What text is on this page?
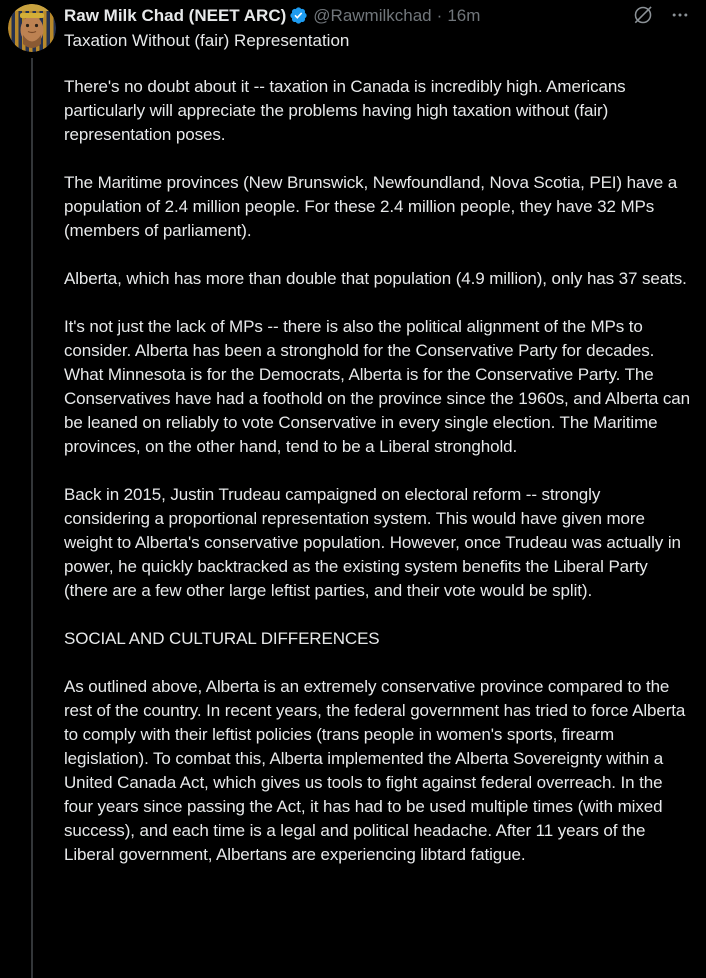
Raw Milk Chad (NEET ARC) @Rawmilkchad · 16m
Taxation Without (fair) Representation

There's no doubt about it -- taxation in Canada is incredibly high. Americans particularly will appreciate the problems having high taxation without (fair) representation poses.

The Maritime provinces (New Brunswick, Newfoundland, Nova Scotia, PEI) have a population of 2.4 million people. For these 2.4 million people, they have 32 MPs (members of parliament).

Alberta, which has more than double that population (4.9 million), only has 37 seats.

It's not just the lack of MPs -- there is also the political alignment of the MPs to consider. Alberta has been a stronghold for the Conservative Party for decades. What Minnesota is for the Democrats, Alberta is for the Conservative Party. The Conservatives have had a foothold on the province since the 1960s, and Alberta can be leaned on reliably to vote Conservative in every single election. The Maritime provinces, on the other hand, tend to be a Liberal stronghold.

Back in 2015, Justin Trudeau campaigned on electoral reform -- strongly considering a proportional representation system. This would have given more weight to Alberta's conservative population. However, once Trudeau was actually in power, he quickly backtracked as the existing system benefits the Liberal Party (there are a few other large leftist parties, and their vote would be split).

SOCIAL AND CULTURAL DIFFERENCES

As outlined above, Alberta is an extremely conservative province compared to the rest of the country. In recent years, the federal government has tried to force Alberta to comply with their leftist policies (trans people in women's sports, firearm legislation). To combat this, Alberta implemented the Alberta Sovereignty within a United Canada Act, which gives us tools to fight against federal overreach. In the four years since passing the Act, it has had to be used multiple times (with mixed success), and each time is a legal and political headache. After 11 years of the Liberal government, Albertans are experiencing libtard fatigue.
